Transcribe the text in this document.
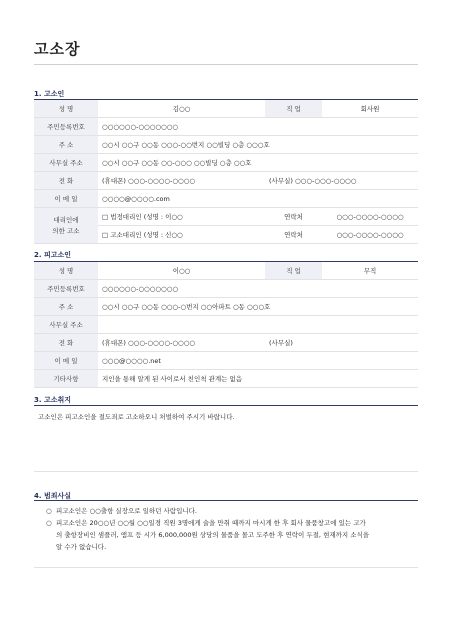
고소장
1. 고소인
성 명	김○○	직 업	회사원
주민등록번호	○○○○○○-○○○○○○○		
주 소	○○시 ○○구 ○○동 ○○○-○○번지 ○○빌딩 ○층 ○○○호		
사무실 주소	○○시 ○○구 ○○동 ○○-○○○ ○○빌딩 ○층 ○○호		
전 화	(휴대폰) ○○○-○○○○-○○○○	(사무실) ○○○-○○○-○○○○	
이 메 일	○○○○@○○○○.com		

대리인에
의한 고소	□ 법정대리인 (성명 : 이○○	연락처	○○○-○○○○-○○○○
	□ 고소대리인 (성명 : 신○○	연락처	○○○-○○○○-○○○○
2. 피고소인
성 명	이○○	직 업	무직
주민등록번호	○○○○○○-○○○○○○○		
주 소	○○시 ○○구 ○○동 ○○○-○번지 ○○아파트 ○동 ○○○호		
사무실 주소			
전 화	(휴대폰) ○○○-○○○○-○○○○	(사무실)	
이 메 일	○○○@○○○○.net		
기타사항	지인을 통해 알게 된 사이로서 친인척 관계는 없음		
3. 고소취지

고소인은 피고소인을 절도죄로 고소하오니 처벌하여 주시기 바랍니다.

4. 범죄사실
○ 피고소인은 ○○출항 실장으로 일하던 사람입니다.
○ 피고소인은 20○○년 ○○월 ○○일경 직원 3명에게 술을 만취 때까지 마시게 한 후 회사 물품창고에 있는 고가
의 출항장비인 샘플러, 앰프 등 시가 6,000,000원 상당의 물품을 몰고 도주한 후 연락이 두절, 현재까지 소식을
알 수가 없습니다.
